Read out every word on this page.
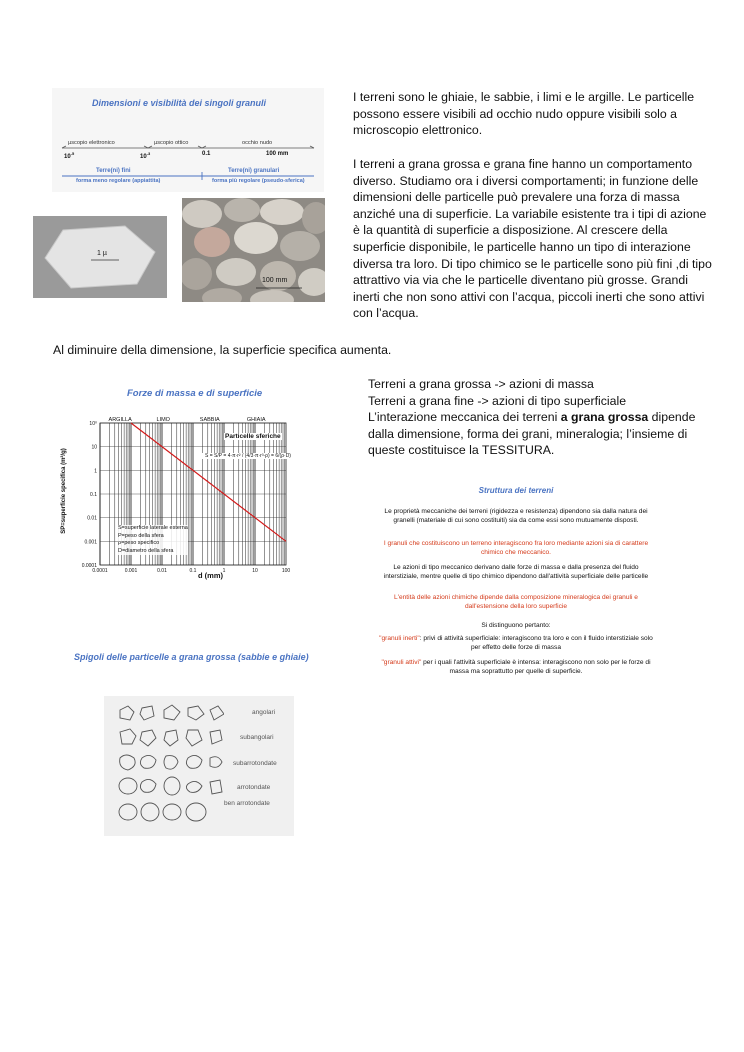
I terreni sono le ghiaie, le sabbie, i limi e le argille. Le particelle possono essere visibili ad occhio nudo oppure visibili solo a microscopio elettronico.
I terreni a grana grossa e grana fine hanno un comportamento diverso. Studiamo ora i diversi comportamenti; in funzione delle dimensioni delle particelle può prevalere una forza di massa anziché una di superficie. La variabile esistente tra i tipi di azione è la quantità di superficie a disposizione. Al crescere della superficie disponibile, le particelle hanno un tipo di interazione diversa tra loro. Di tipo chimico se le particelle sono più fini ,di tipo attrattivo via via che le particelle diventano più grosse. Grandi inerti che non sono attivi con l’acqua, piccoli inerti che sono attivi con l’acqua.
Al diminuire della dimensione, la superficie specifica aumenta.
Terreni a grana grossa -> azioni di massa
Terreni a grana fine -> azioni di tipo superficiale
L’interazione meccanica dei terreni a grana grossa dipende dalla dimensione, forma dei grani, mineralogia; l’insieme di queste costituisce la TESSITURA.
Dimensioni e visibilità dei singoli granuli
µscopio elettronico	µscopio ottico	occhio nudo
$10^{-5}$
$10^{-3}$	0.1	100 mm
Terre(ni) fini
forma meno regolare (appiattita)
Terre(ni) granulari
forma più regolare (pseudo-sferica)
1 µ
100 mm
Forze di massa e di superficie
ARGILLA	LIMO	SABBIA	GHIAIA
0.0001	0.001	0.01	0.1	1	10	100
10⁰
10
1
0.1
0.01
0.001
0.0001
d (mm)
SP=superficie specifica (m²/g)
Particelle sferiche
S = S/P = 4·π·r² / (4/3·π·r³·ρ) = 6/(ρ·D)
S=superficie laterale esterna
P=peso della sfera
ρ=peso specifico
D=diametro della sfera
Spigoli delle particelle a grana grossa (sabbie e ghiaie)
angolari
subangolari
subarrotondate
arrotondate
ben arrotondate
Struttura dei terreni

Le proprietà meccaniche dei terreni (rigidezza e resistenza) dipendono sia dalla natura dei granelli (materiale di cui sono costituiti) sia da come essi sono mutuamente disposti.

I granuli che costituiscono un terreno interagiscono fra loro mediante azioni sia di carattere chimico che meccanico.

Le azioni di tipo meccanico derivano dalle forze di massa e dalla presenza del fluido interstiziale, mentre quelle di tipo chimico dipendono dall'attività superficiale delle particelle

L'entità delle azioni chimiche dipende dalla composizione mineralogica dei granuli e dall'estensione della loro superficie

Si distinguono pertanto:

"granuli inerti": privi di attività superficiale: interagiscono tra loro e con il fluido interstiziale solo per effetto delle forze di massa

"granuli attivi" per i quali l'attività superficiale è intensa: interagiscono non solo per le forze di massa ma soprattutto per quelle di superficie.
